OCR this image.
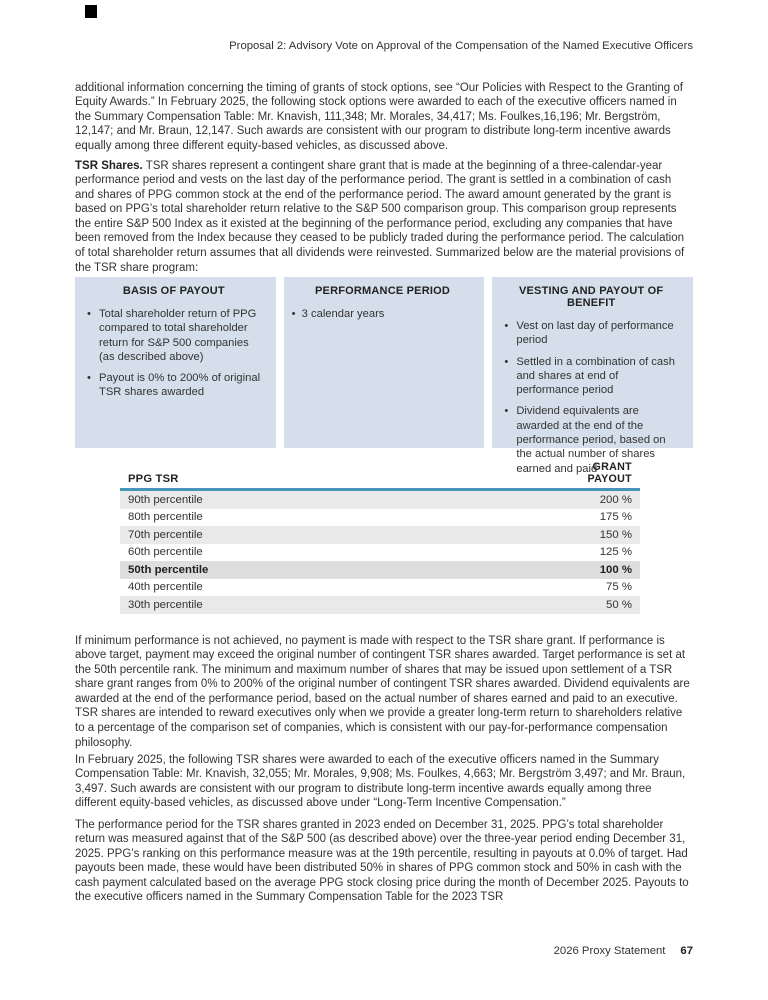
Proposal 2: Advisory Vote on Approval of the Compensation of the Named Executive Officers

additional information concerning the timing of grants of stock options, see “Our Policies with Respect to the Granting of Equity Awards.” In February 2025, the following stock options were awarded to each of the executive officers named in the Summary Compensation Table: Mr. Knavish, 111,348; Mr. Morales, 34,417; Ms. Foulkes,16,196; Mr. Bergström, 12,147; and Mr. Braun, 12,147. Such awards are consistent with our program to distribute long-term incentive awards equally among three different equity-based vehicles, as discussed above.

TSR Shares. TSR shares represent a contingent share grant that is made at the beginning of a three-calendar-year performance period and vests on the last day of the performance period. The grant is settled in a combination of cash and shares of PPG common stock at the end of the performance period. The award amount generated by the grant is based on PPG’s total shareholder return relative to the S&P 500 comparison group. This comparison group represents the entire S&P 500 Index as it existed at the beginning of the performance period, excluding any companies that have been removed from the Index because they ceased to be publicly traded during the performance period. The calculation of total shareholder return assumes that all dividends were reinvested. Summarized below are the material provisions of the TSR share program:

BASIS OF PAYOUT
• Total shareholder return of PPG compared to total shareholder return for S&P 500 companies (as described above)
• Payout is 0% to 200% of original TSR shares awarded
PERFORMANCE PERIOD
• 3 calendar years
VESTING AND PAYOUT OF BENEFIT
• Vest on last day of performance period
• Settled in a combination of cash and shares at end of performance period
• Dividend equivalents are awarded at the end of the performance period, based on the actual number of shares earned and paid
PPG TSR
GRANT
PAYOUT
90th percentile	200 %
80th percentile	175 %
70th percentile	150 %
60th percentile	125 %
50th percentile	100 %
40th percentile	75 %
30th percentile	50 %

If minimum performance is not achieved, no payment is made with respect to the TSR share grant. If performance is above target, payment may exceed the original number of contingent TSR shares awarded. Target performance is set at the 50th percentile rank. The minimum and maximum number of shares that may be issued upon settlement of a TSR share grant ranges from 0% to 200% of the original number of contingent TSR shares awarded. Dividend equivalents are awarded at the end of the performance period, based on the actual number of shares earned and paid to an executive. TSR shares are intended to reward executives only when we provide a greater long-term return to shareholders relative to a percentage of the comparison set of companies, which is consistent with our pay-for-performance compensation philosophy.

In February 2025, the following TSR shares were awarded to each of the executive officers named in the Summary Compensation Table: Mr. Knavish, 32,055; Mr. Morales, 9,908; Ms. Foulkes, 4,663; Mr. Bergström 3,497; and Mr. Braun, 3,497. Such awards are consistent with our program to distribute long-term incentive awards equally among three different equity-based vehicles, as discussed above under “Long-Term Incentive Compensation.”

The performance period for the TSR shares granted in 2023 ended on December 31, 2025. PPG’s total shareholder return was measured against that of the S&P 500 (as described above) over the three-year period ending December 31, 2025. PPG’s ranking on this performance measure was at the 19th percentile, resulting in payouts at 0.0% of target. Had payouts been made, these would have been distributed 50% in shares of PPG common stock and 50% in cash with the cash payment calculated based on the average PPG stock closing price during the month of December 2025. Payouts to the executive officers named in the Summary Compensation Table for the 2023 TSR

2026 Proxy Statement 67
